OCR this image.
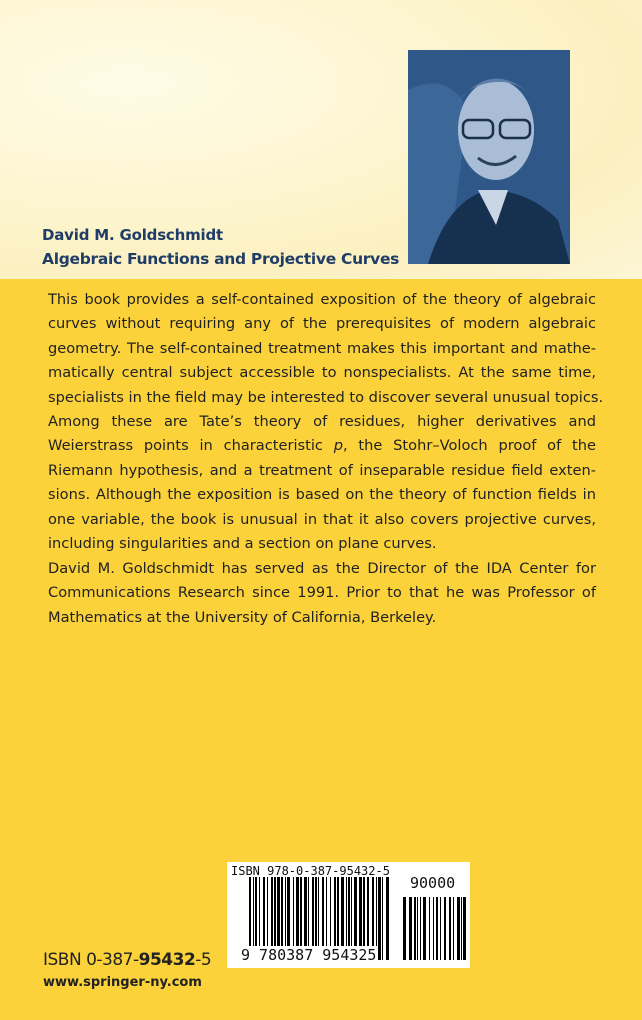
David M. Goldschmidt
Algebraic Functions and Projective Curves
This book provides a self-contained exposition of the theory of algebraic
curves without requiring any of the prerequisites of modern algebraic
geometry. The self-contained treatment makes this important and mathe-
matically central subject accessible to nonspecialists. At the same time,
specialists in the field may be interested to discover several unusual topics.
Among these are Tate’s theory of residues, higher derivatives and
Weierstrass points in characteristic p, the Stohr–Voloch proof of the
Riemann hypothesis, and a treatment of inseparable residue field exten-
sions. Although the exposition is based on the theory of function fields in
one variable, the book is unusual in that it also covers projective curves,
including singularities and a section on plane curves.
David M. Goldschmidt has served as the Director of the IDA Center for
Communications Research since 1991. Prior to that he was Professor of
Mathematics at the University of California, Berkeley.
ISBN 978-0-387-95432-5
90000
9 780387 954325
ISBN 0-387-95432-5
www.springer-ny.com
